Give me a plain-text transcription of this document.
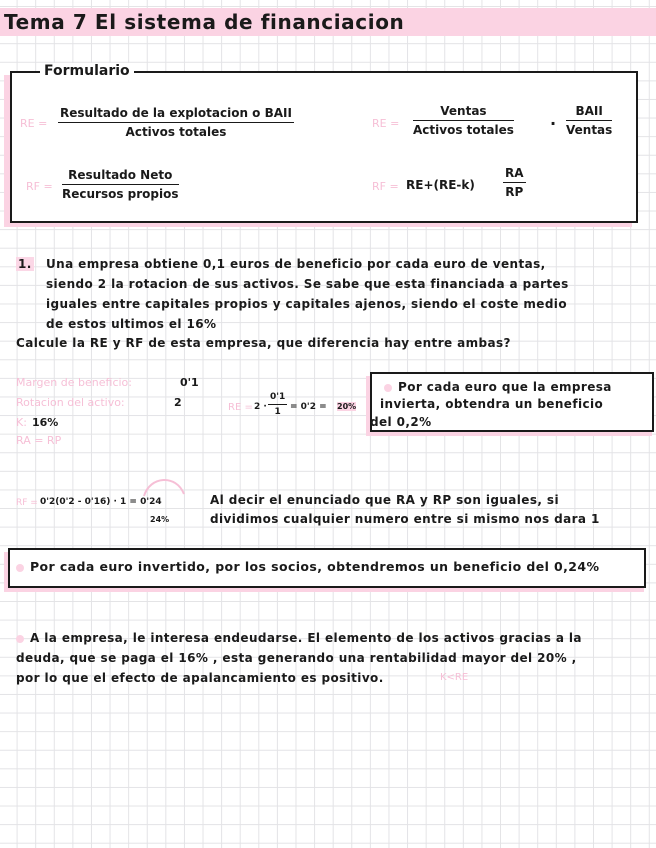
Tema 7 El sistema de financiacion
Formulario
RE =
Resultado de la explotacion o BAII
Activos totales
RE =
Ventas
Activos totales ·
BAII
Ventas
RF =
Resultado Neto
Recursos propios
RF = $RE+(RE-k) \frac{RA}{RP}$
1. Una empresa obtiene 0,1 euros de beneficio por cada euro de ventas,
siendo 2 la rotacion de sus activos. Se sabe que esta financiada a partes
iguales entre capitales propios y capitales ajenos, siendo el coste medio
de estos ultimos el 16%
Calcule la RE y RF de esta empresa, que diferencia hay entre ambas?
Margen de beneficio:	0'1
Rotacion del activo:	2
K: 16%
RA = RP
RE = $2 \cdot \frac{0'1}{1} = 0'2 = 20\%$
Por cada euro que la empresa
invierta, obtendra un beneficio
del 0,2%
RF = 0'2(0'2 - 0'16) · 1 = 0'24
24%
Al decir el enunciado que RA y RP son iguales, si
dividimos cualquier numero entre si mismo nos dara 1
Por cada euro invertido, por los socios, obtendremos un beneficio del 0,24%
A la empresa, le interesa endeudarse. El elemento de los activos gracias a la
deuda, que se paga el 16% , esta generando una rentabilidad mayor del 20% ,
por lo que el efecto de apalancamiento es positivo.	K<RE
